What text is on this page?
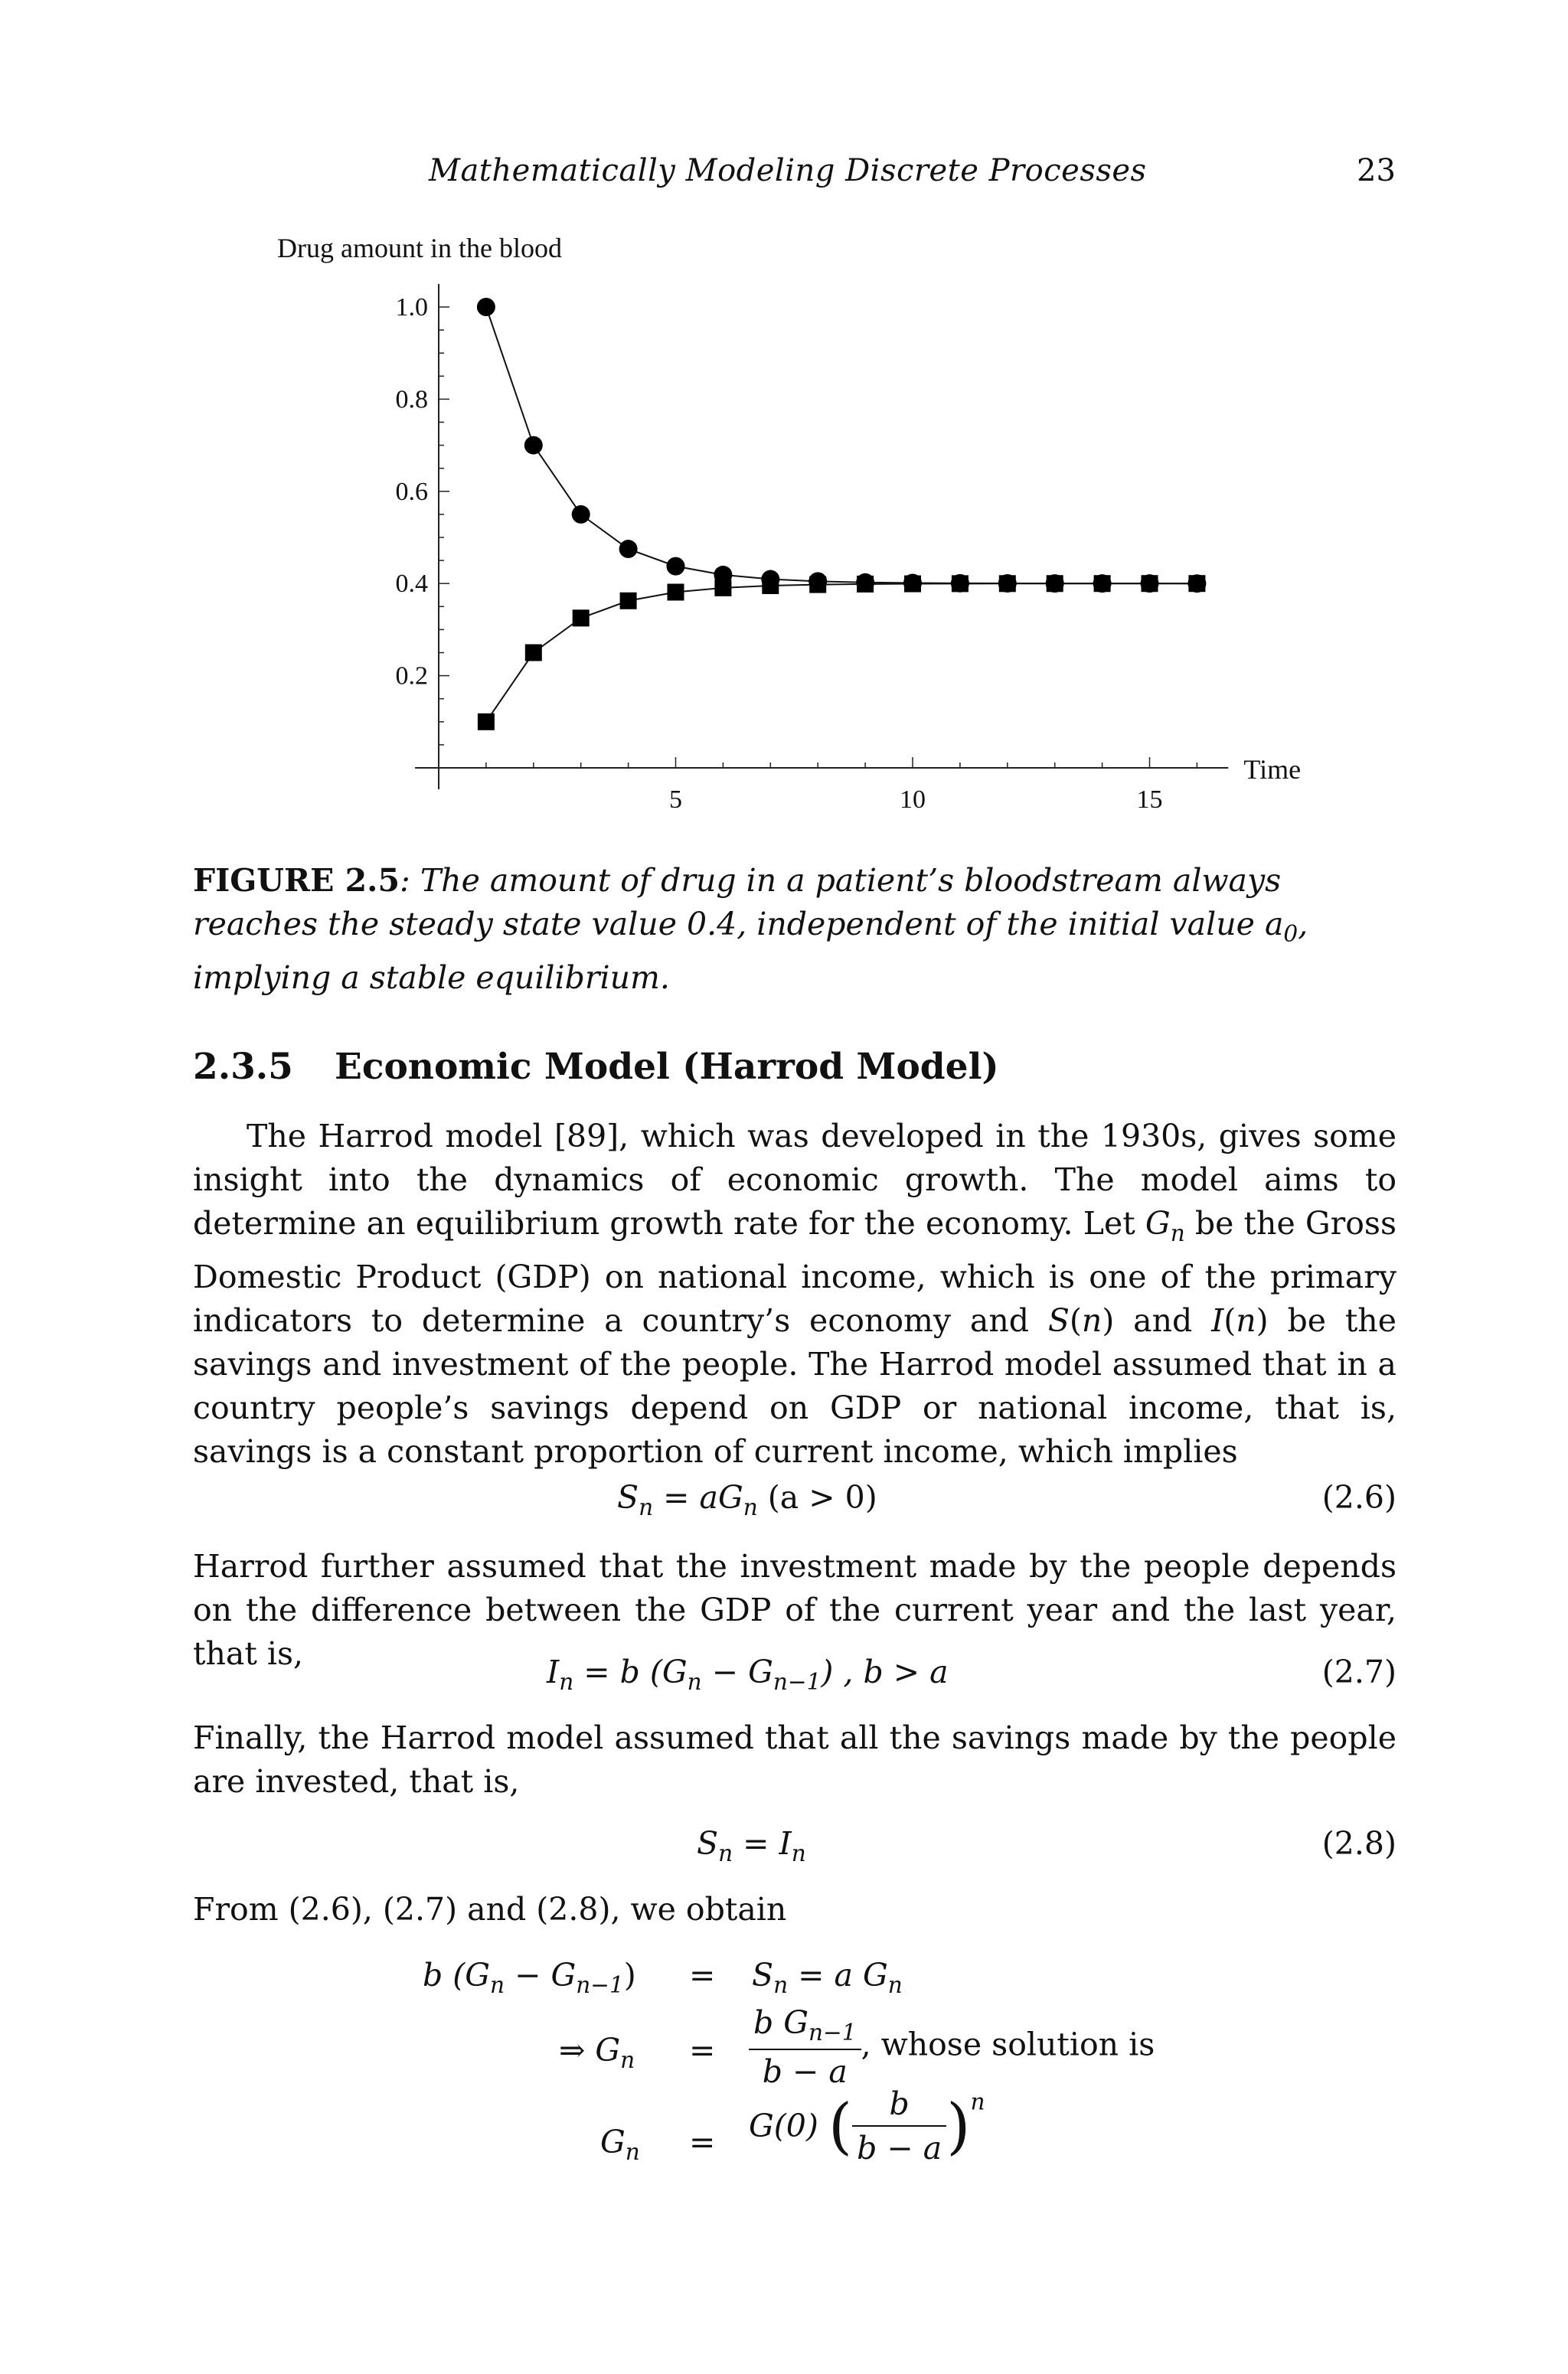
Mathematically Modeling Discrete Processes	23
0.2
0.4
0.6
0.8
1.0
5	10	15
Drug amount in the blood
Time
FIGURE 2.5: The amount of drug in a patient’s bloodstream always reaches the steady state value 0.4, independent of the initial value $a_0$, implying a stable equilibrium.
2.3.5 Economic Model (Harrod Model)
The Harrod model [89], which was developed in the 1930s, gives some insight into the dynamics of economic growth. The model aims to determine an equilibrium growth rate for the economy. Let $G_n$ be the Gross Domestic Product (GDP) on national income, which is one of the primary indicators to determine a country’s economy and S(n) and I(n) be the savings and investment of the people. The Harrod model assumed that in a country people’s savings depend on GDP or national income, that is, savings is a constant proportion of current income, which implies
$S_n = aG_n$ (a > 0)	(2.6)
Harrod further assumed that the investment made by the people depends on the difference between the GDP of the current year and the last year, that is,	$I_n = b$ $(G_n - G_{n-1})$ , b > a	(2.7)
Finally, the Harrod model assumed that all the savings made by the people are invested, that is,
$S_n = I_n$	(2.8)
From (2.6), (2.7) and (2.8), we obtain
b $(G_n - G_{n-1}) = S_n = a$ $G_n$
⇒ $G_n = \frac{b G_{n-1}}{b - a}$ , whose solution is
$G_n = G(0)$ ( $\frac{b}{b - a} )^n$
